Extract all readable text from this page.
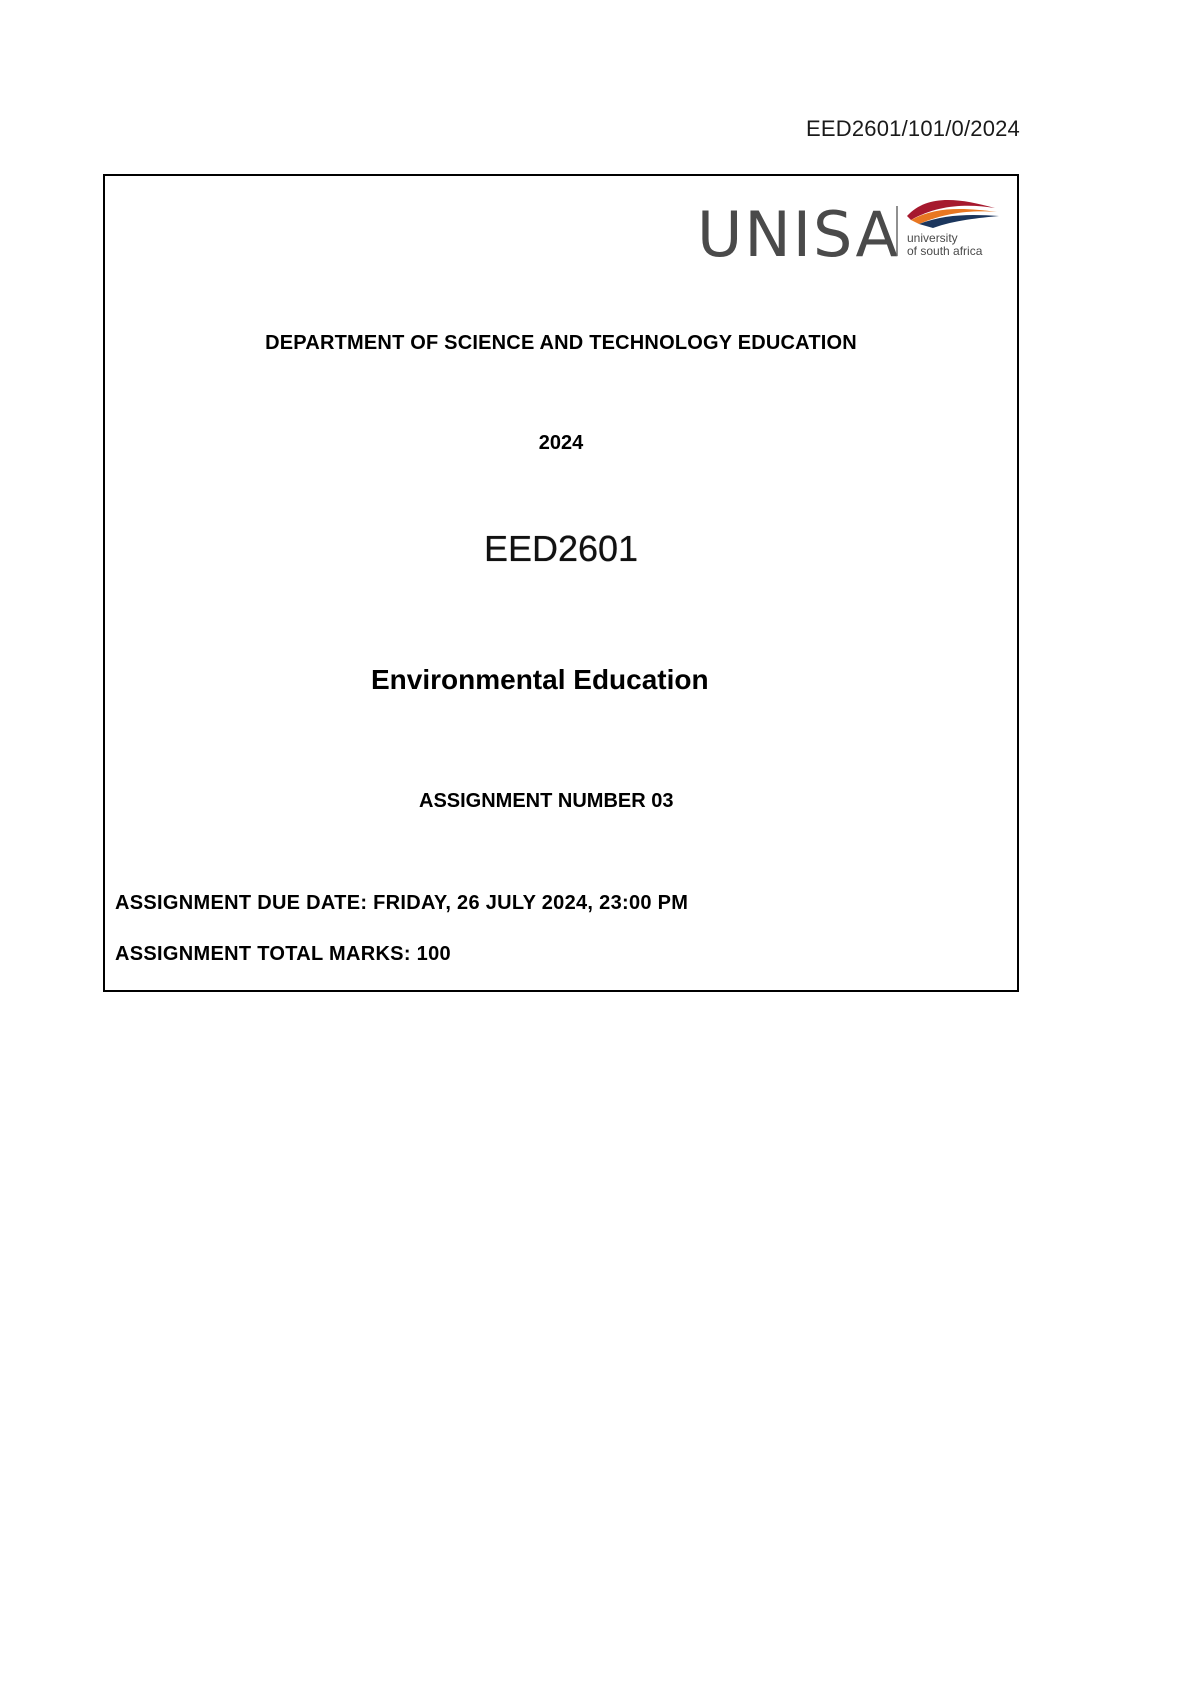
EED2601/101/0/2024
UNISA university
of south africa
DEPARTMENT OF SCIENCE AND TECHNOLOGY EDUCATION
2024
EED2601
Environmental Education
ASSIGNMENT NUMBER 03
ASSIGNMENT DUE DATE: FRIDAY, 26 JULY 2024, 23:00 PM
ASSIGNMENT TOTAL MARKS: 100
